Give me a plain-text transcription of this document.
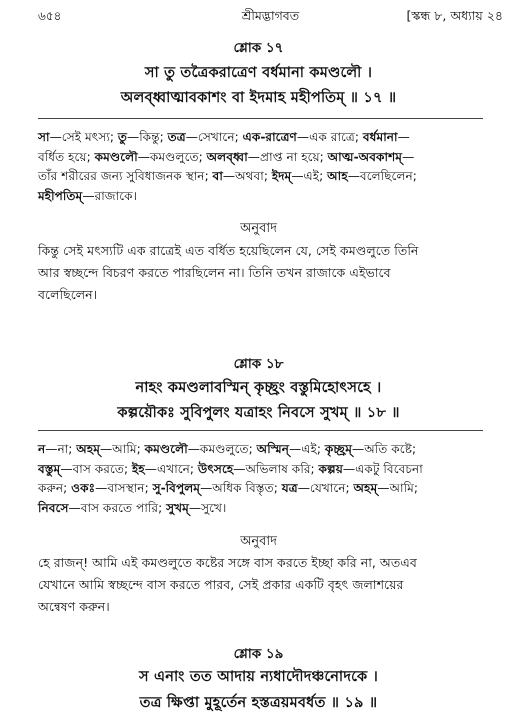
৬৫৪	শ্রীমদ্ভাগবত	[স্কন্ধ ৮, অধ্যায় ২৪
শ্লোক ১৭
সা তু তত্রৈকরাত্রেণ বর্ধমানা কমণ্ডলৌ ।
অলব্ধ্বাত্মাবকাশং বা ইদমাহ মহীপতিম্ ॥ ১৭ ॥
সা—সেই মৎস্য; তু—কিন্তু; তত্র—সেখানে; এক-রাত্রেণ—এক রাত্রে; বর্ধমানা—
বর্ধিত হয়ে; কমণ্ডলৌ—কমণ্ডলুতে; অলব্ধ্বা—প্রাপ্ত না হয়ে; আত্ম-অবকাশম্—
তাঁর শরীরের জন্য সুবিধাজনক স্থান; বা—অথবা; ইদম্—এই; আহ—বলেছিলেন;
মহীপতিম্—রাজাকে।
অনুবাদ
কিন্তু সেই মৎস্যটি এক রাত্রেই এত বর্ধিত হয়েছিলেন যে, সেই কমণ্ডলুতে তিনি
আর স্বচ্ছন্দে বিচরণ করতে পারছিলেন না। তিনি তখন রাজাকে এইভাবে
বলেছিলেন।
শ্লোক ১৮
নাহং কমণ্ডলাবস্মিন্ কৃচ্ছ্রং বস্তুমিহোৎসহে ।
কল্পয়ৌকঃ সুবিপুলং যত্রাহং নিবসে সুখম্ ॥ ১৮ ॥
ন—না; অহম্—আমি; কমণ্ডলৌ—কমণ্ডলুতে; অস্মিন্—এই; কৃচ্ছ্রম্—অতি কষ্টে;
বস্তুম্—বাস করতে; ইহ—এখানে; উৎসহে—অভিলাষ করি; কল্পয়—একটু বিবেচনা
করুন; ওকঃ—বাসস্থান; সু-বিপুলম্—অধিক বিস্তৃত; যত্র—যেখানে; অহম্—আমি;
নিবসে—বাস করতে পারি; সুখম্—সুখে।
অনুবাদ
হে রাজন্! আমি এই কমণ্ডলুতে কষ্টের সঙ্গে বাস করতে ইচ্ছা করি না, অতএব
যেখানে আমি স্বচ্ছন্দে বাস করতে পারব, সেই প্রকার একটি বৃহৎ জলাশয়ের
অন্বেষণ করুন।
শ্লোক ১৯
স এনাং তত আদায় ন্যধাদৌদঞ্চনোদকে ।
তত্র ক্ষিপ্তা মুহূর্তেন হস্তত্রয়মবর্ধত ॥ ১৯ ॥
